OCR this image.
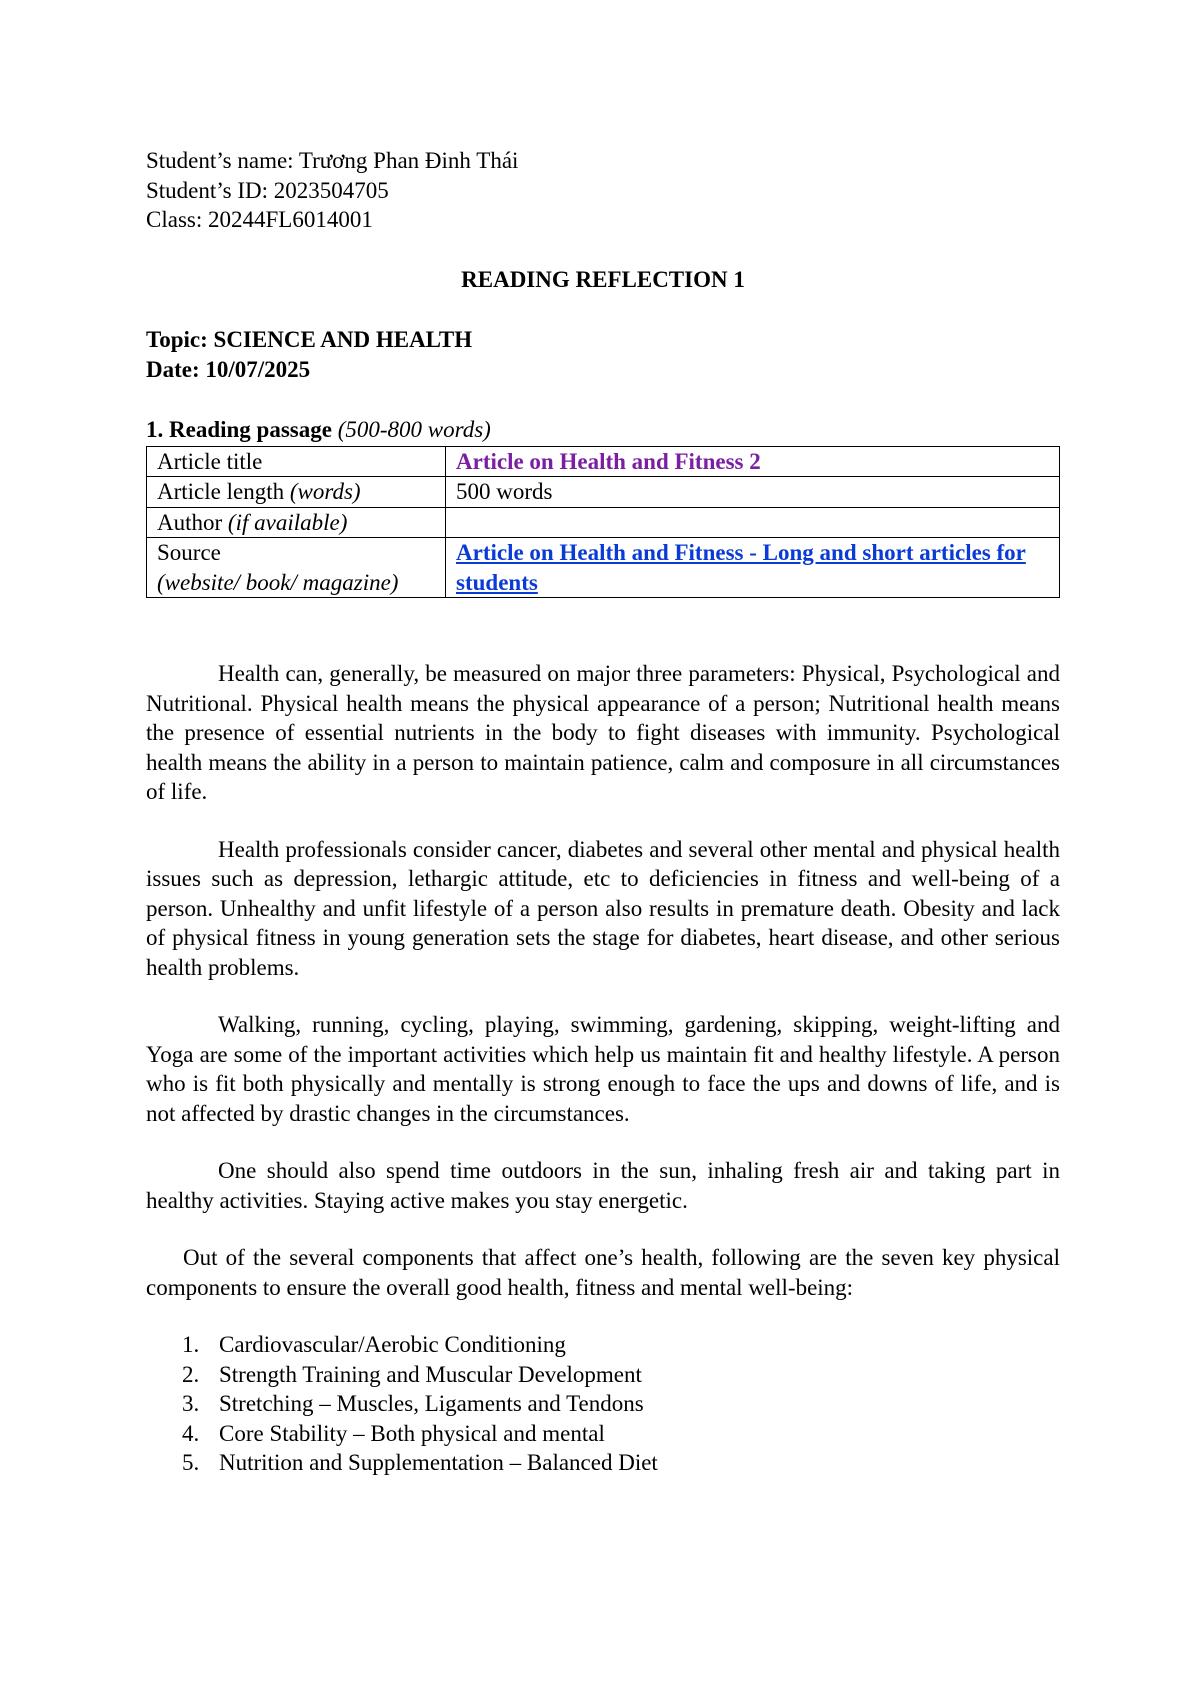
Student’s name: Trương Phan Đinh Thái
Student’s ID: 2023504705
Class: 20244FL6014001
READING REFLECTION 1
Topic: SCIENCE AND HEALTH
Date: 10/07/2025
1. Reading passage (500-800 words)
Article title	Article on Health and Fitness 2
Article length (words)	500 words
Author (if available)	
Source
(website/ book/ magazine)	Article on Health and Fitness - Long and short articles for students

Health can, generally, be measured on major three parameters: Physical, Psychological and Nutritional. Physical health means the physical appearance of a person; Nutritional health means the presence of essential nutrients in the body to fight diseases with immunity. Psychological health means the ability in a person to maintain patience, calm and composure in all circumstances of life.

Health professionals consider cancer, diabetes and several other mental and physical health issues such as depression, lethargic attitude, etc to deficiencies in fitness and well-being of a person. Unhealthy and unfit lifestyle of a person also results in premature death. Obesity and lack of physical fitness in young generation sets the stage for diabetes, heart disease, and other serious health problems.

Walking, running, cycling, playing, swimming, gardening, skipping, weight-lifting and Yoga are some of the important activities which help us maintain fit and healthy lifestyle. A person who is fit both physically and mentally is strong enough to face the ups and downs of life, and is not affected by drastic changes in the circumstances.

One should also spend time outdoors in the sun, inhaling fresh air and taking part in healthy activities. Staying active makes you stay energetic.

Out of the several components that affect one’s health, following are the seven key physical components to ensure the overall good health, fitness and mental well-being:

1. Cardiovascular/Aerobic Conditioning
2. Strength Training and Muscular Development
3. Stretching – Muscles, Ligaments and Tendons
4. Core Stability – Both physical and mental
5. Nutrition and Supplementation – Balanced Diet
